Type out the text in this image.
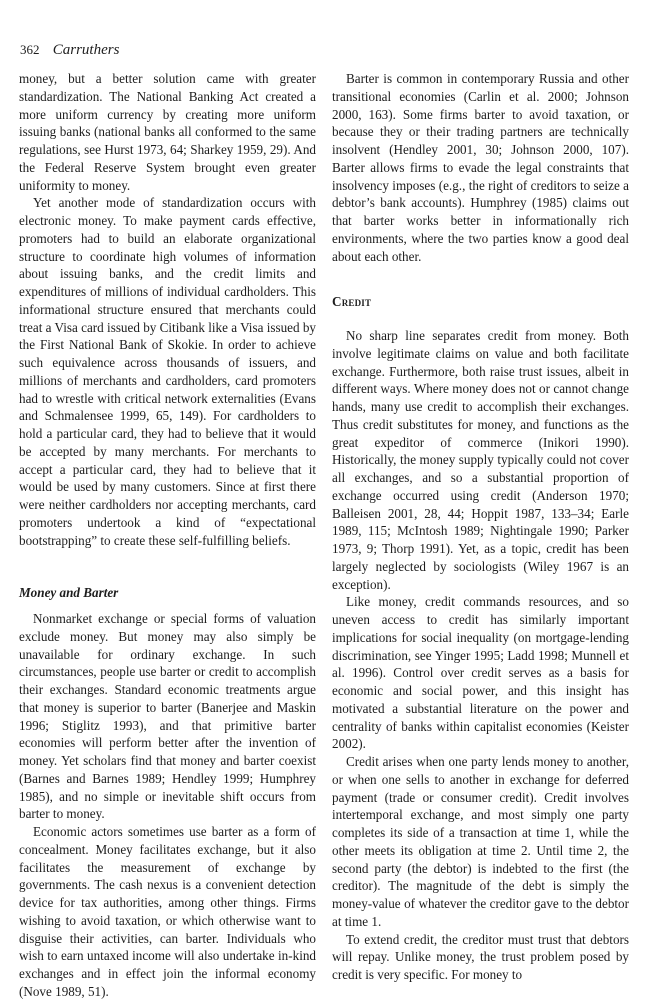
362 Carruthers

money, but a better solution came with greater standardization. The National Banking Act created a more uniform currency by creating more uniform issuing banks (national banks all conformed to the same regulations, see Hurst 1973, 64; Sharkey 1959, 29). And the Federal Reserve System brought even greater uniformity to money.

Yet another mode of standardization occurs with electronic money. To make payment cards effective, promoters had to build an elaborate organizational structure to coordinate high volumes of information about issuing banks, and the credit limits and expenditures of millions of individual cardholders. This informational structure ensured that merchants could treat a Visa card issued by Citibank like a Visa issued by the First National Bank of Skokie. In order to achieve such equivalence across thousands of issuers, and millions of merchants and cardholders, card promoters had to wrestle with critical network externalities (Evans and Schmalensee 1999, 65, 149). For cardholders to hold a particular card, they had to believe that it would be accepted by many merchants. For merchants to accept a particular card, they had to believe that it would be used by many customers. Since at first there were neither cardholders nor accepting merchants, card promoters undertook a kind of “expectational bootstrapping” to create these self-fulfilling beliefs.

Money and Barter

Nonmarket exchange or special forms of valuation exclude money. But money may also simply be unavailable for ordinary exchange. In such circumstances, people use barter or credit to accomplish their exchanges. Standard economic treatments argue that money is superior to barter (Banerjee and Maskin 1996; Stiglitz 1993), and that primitive barter economies will perform better after the invention of money. Yet scholars find that money and barter coexist (Barnes and Barnes 1989; Hendley 1999; Humphrey 1985), and no simple or inevitable shift occurs from barter to money.

Economic actors sometimes use barter as a form of concealment. Money facilitates exchange, but it also facilitates the measurement of exchange by governments. The cash nexus is a convenient detection device for tax authorities, among other things. Firms wishing to avoid taxation, or which otherwise want to disguise their activities, can barter. Individuals who wish to earn untaxed income will also undertake in-kind exchanges and in effect join the informal economy (Nove 1989, 51).

Barter is common in contemporary Russia and other transitional economies (Carlin et al. 2000; Johnson 2000, 163). Some firms barter to avoid taxation, or because they or their trading partners are technically insolvent (Hendley 2001, 30; Johnson 2000, 107). Barter allows firms to evade the legal constraints that insolvency imposes (e.g., the right of creditors to seize a debtor’s bank accounts). Humphrey (1985) claims out that barter works better in informationally rich environments, where the two parties know a good deal about each other.

Credit

No sharp line separates credit from money. Both involve legitimate claims on value and both facilitate exchange. Furthermore, both raise trust issues, albeit in different ways. Where money does not or cannot change hands, many use credit to accomplish their exchanges. Thus credit substitutes for money, and functions as the great expeditor of commerce (Inikori 1990). Historically, the money supply typically could not cover all exchanges, and so a substantial proportion of exchange occurred using credit (Anderson 1970; Balleisen 2001, 28, 44; Hoppit 1987, 133–34; Earle 1989, 115; McIntosh 1989; Nightingale 1990; Parker 1973, 9; Thorp 1991). Yet, as a topic, credit has been largely neglected by sociologists (Wiley 1967 is an exception).

Like money, credit commands resources, and so uneven access to credit has similarly important implications for social inequality (on mortgage-lending discrimination, see Yinger 1995; Ladd 1998; Munnell et al. 1996). Control over credit serves as a basis for economic and social power, and this insight has motivated a substantial literature on the power and centrality of banks within capitalist economies (Keister 2002).

Credit arises when one party lends money to another, or when one sells to another in exchange for deferred payment (trade or consumer credit). Credit involves intertemporal exchange, and most simply one party completes its side of a transaction at time 1, while the other meets its obligation at time 2. Until time 2, the second party (the debtor) is indebted to the first (the creditor). The magnitude of the debt is simply the money-value of whatever the creditor gave to the debtor at time 1.

To extend credit, the creditor must trust that debtors will repay. Unlike money, the trust problem posed by credit is very specific. For money to
